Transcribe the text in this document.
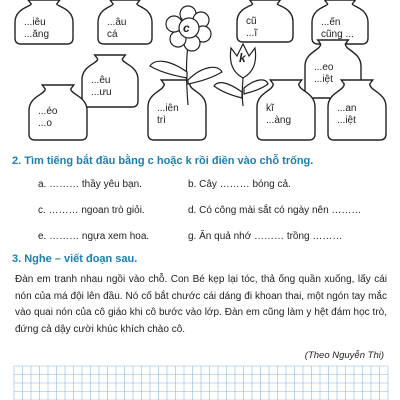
...iêu
...ăng
...âu
cá
cũ
...ĩ
...ến
cũng ...
...êu
...ưu
...eo
...iệt
...éo
...o
...iên
trì
kĩ
...àng
...an
...iệt
c
k
2. Tìm tiếng bắt đầu bằng c hoặc k rồi điền vào chỗ trống.
a. ……… thầy yêu bạn.	b. Cây ……… bóng cả.
c. ……… ngoan trò giỏi.	d. Có công mài sắt có ngày nên ………
e. ……… ngựa xem hoa.	g. Ăn quả nhớ ……… trồng ………
3. Nghe – viết đoạn sau.
Đàn em tranh nhau ngồi vào chỗ. Con Bé kẹp lại tóc, thả ống quần xuống, lấy cái nón của má đội lên đầu. Nó cố bắt chước cái dáng đi khoan thai, một ngón tay mắc vào quai nón của cô giáo khi cô bước vào lớp. Đàn em cũng làm y hệt đám học trò, đứng cả dậy cười khúc khích chào cô.
(Theo Nguyễn Thi)
